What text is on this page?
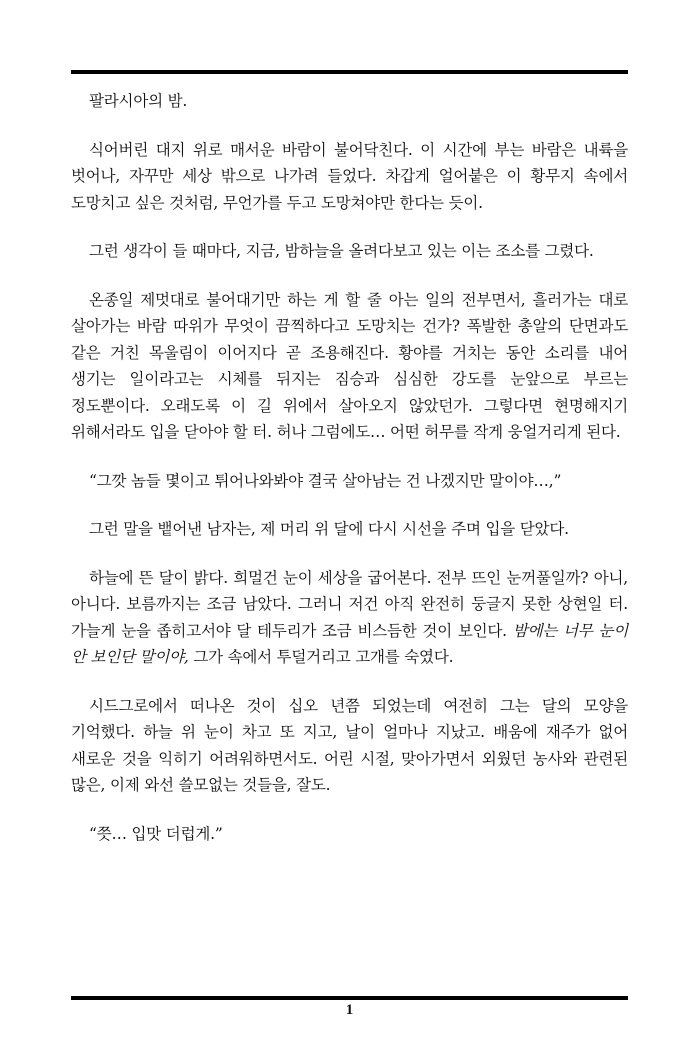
팔라시아의 밤.

식어버린 대지 위로 매서운 바람이 불어닥친다. 이 시간에 부는 바람은 내륙을 벗어나, 자꾸만 세상 밖으로 나가려 들었다. 차갑게 얼어붙은 이 황무지 속에서 도망치고 싶은 것처럼, 무언가를 두고 도망쳐야만 한다는 듯이.

그런 생각이 들 때마다, 지금, 밤하늘을 올려다보고 있는 이는 조소를 그렸다.

온종일 제멋대로 불어대기만 하는 게 할 줄 아는 일의 전부면서, 흘러가는 대로 살아가는 바람 따위가 무엇이 끔찍하다고 도망치는 건가? 폭발한 총알의 단면과도 같은 거친 목울림이 이어지다 곧 조용해진다. 황야를 거치는 동안 소리를 내어 생기는 일이라고는 시체를 뒤지는 짐승과 심심한 강도를 눈앞으로 부르는 정도뿐이다. 오래도록 이 길 위에서 살아오지 않았던가. 그렇다면 현명해지기 위해서라도 입을 닫아야 할 터. 허나 그럼에도… 어떤 허무를 작게 웅얼거리게 된다.

“그깟 놈들 몇이고 튀어나와봐야 결국 살아남는 건 나겠지만 말이야…,”

그런 말을 뱉어낸 남자는, 제 머리 위 달에 다시 시선을 주며 입을 닫았다.

하늘에 뜬 달이 밝다. 희멀건 눈이 세상을 굽어본다. 전부 뜨인 눈꺼풀일까? 아니, 아니다. 보름까지는 조금 남았다. 그러니 저건 아직 완전히 둥글지 못한 상현일 터. 가늘게 눈을 좁히고서야 달 테두리가 조금 비스듬한 것이 보인다. 밤에는 너무 눈이 안 보인단 말이야, 그가 속에서 투덜거리고 고개를 숙였다.

시드그로에서 떠나온 것이 십오 년쯤 되었는데 여전히 그는 달의 모양을 기억했다. 하늘 위 눈이 차고 또 지고, 날이 얼마나 지났고. 배움에 재주가 없어 새로운 것을 익히기 어려워하면서도. 어린 시절, 맞아가면서 외웠던 농사와 관련된 많은, 이제 와선 쓸모없는 것들을, 잘도.

“쯧… 입맛 더럽게.”

1
